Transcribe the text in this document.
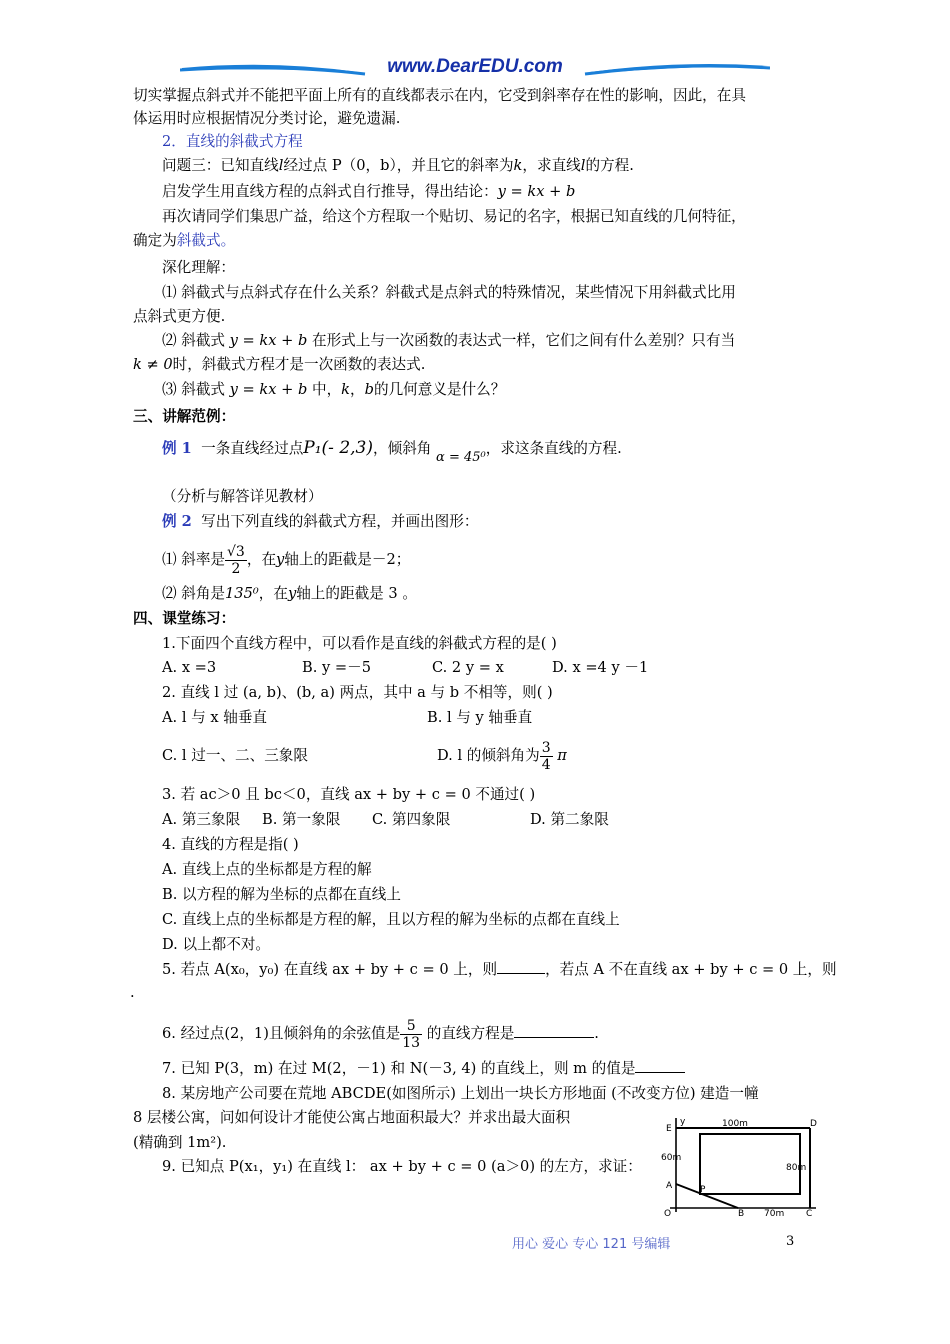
www.DearEDU.com
切实掌握点斜式并不能把平面上所有的直线都表示在内，它受到斜率存在性的影响，因此，在具
体运用时应根据情况分类讨论，避免遗漏.
2．直线的斜截式方程
问题三：已知直线l经过点 P（0，b），并且它的斜率为k，求直线l的方程.
启发学生用直线方程的点斜式自行推导，得出结论：y = kx + b
再次请同学们集思广益，给这个方程取一个贴切、易记的名字，根据已知直线的几何特征，
确定为斜截式。
深化理解：
⑴ 斜截式与点斜式存在什么关系？斜截式是点斜式的特殊情况，某些情况下用斜截式比用
点斜式更方便.
⑵ 斜截式 y = kx + b 在形式上与一次函数的表达式一样，它们之间有什么差别？只有当
k ≠ 0时，斜截式方程才是一次函数的表达式.
⑶ 斜截式 y = kx + b 中，k，b的几何意义是什么？
三、讲解范例：
例 1 一条直线经过点P₁(- 2,3)，倾斜角 α = 45⁰，求这条直线的方程.
（分析与解答详见教材）
例 2 写出下列直线的斜截式方程，并画出图形：
⑴ 斜率是 $\frac{√3}{2}$ ，在y轴上的距截是－2；
⑵ 斜角是135⁰，在y轴上的距截是 3 。
四、课堂练习：
1.下面四个直线方程中，可以看作是直线的斜截式方程的是( )
A. x =3	B. y =－5	C. 2 y = x	D. x =4 y －1
2. 直线 l 过 (a, b)、(b, a) 两点，其中 a 与 b 不相等，则( )
A. l 与 x 轴垂直	B. l 与 y 轴垂直
C. l 过一、二、三象限	D. l 的倾斜角为 $\frac{3}{4}$ π
3. 若 ac＞0 且 bc＜0，直线 ax + by + c = 0 不通过( )
A. 第三象限 B. 第一象限 C. 第四象限	D. 第二象限
4. 直线的方程是指( )
A. 直线上点的坐标都是方程的解
B. 以方程的解为坐标的点都在直线上
C. 直线上点的坐标都是方程的解，且以方程的解为坐标的点都在直线上
D. 以上都不对。
5. 若点 A(x₀，y₀) 在直线 ax + by + c = 0 上，则	，若点 A 不在直线 ax + by + c = 0 上，则
.
6. 经过点(2，1)且倾斜角的余弦值是 $\frac{5}{13}$ 的直线方程是	.
7. 已知 P(3，m) 在过 M(2，－1) 和 N(－3, 4) 的直线上，则 m 的值是
8. 某房地产公司要在荒地 ABCDE(如图所示) 上划出一块长方形地面 (不改变方位) 建造一幢
8 层楼公寓，问如何设计才能使公寓占地面积最大？并求出最大面积
(精确到 1m²).
9. 已知点 P(x₁，y₁) 在直线 l： ax + by + c = 0 (a＞0) 的左方，求证：
y
E	D
100m
60m
80m
A	P
O	B 70m C
用心 爱心 专心 121 号编辑	3
